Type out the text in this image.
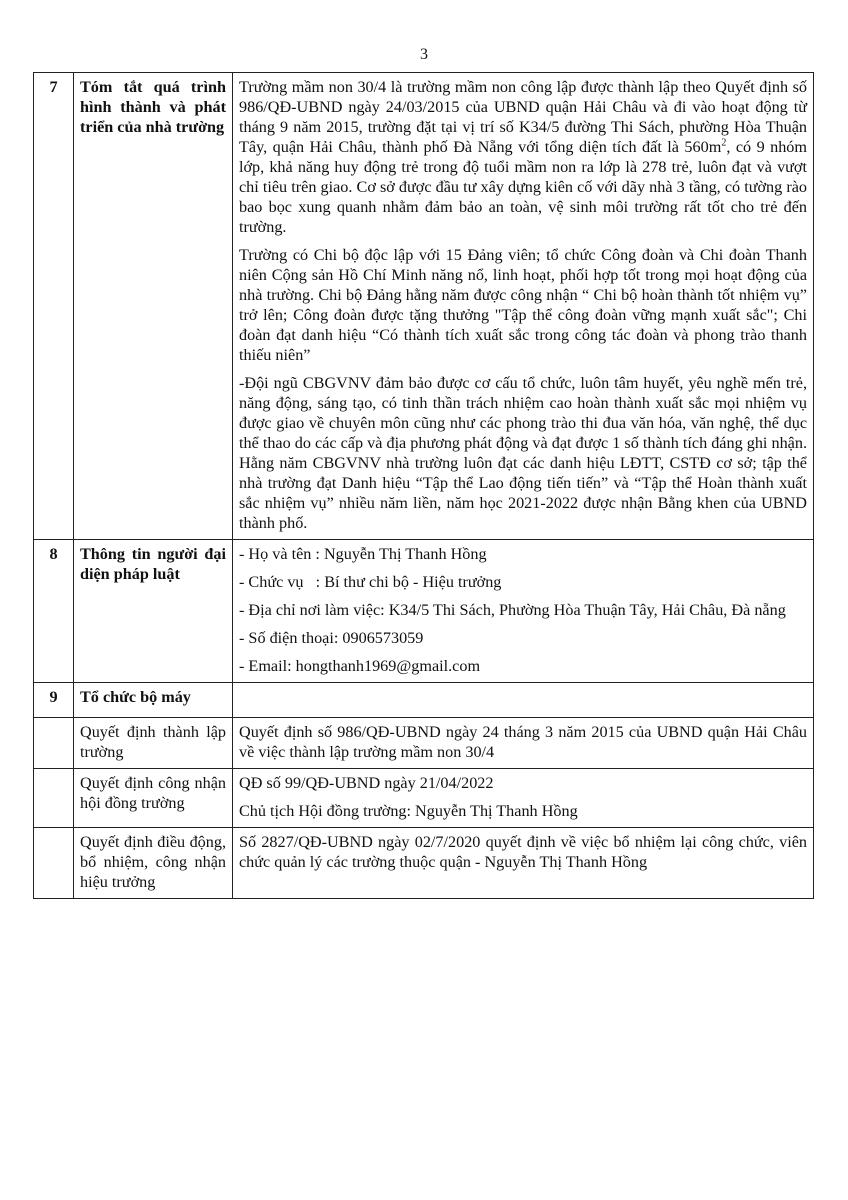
3
7	Tóm tắt quá trình hình thành và phát triển của nhà trường	Trường mầm non 30/4 là trường mầm non công lập được thành lập theo Quyết định số 986/QĐ-UBND ngày 24/03/2015 của UBND quận Hải Châu và đi vào hoạt động từ tháng 9 năm 2015, trường đặt tại vị trí số K34/5 đường Thi Sách, phường Hòa Thuận Tây, quận Hải Châu, thành phố Đà Nẵng với tổng diện tích đất là $560m^2$, có 9 nhóm lớp, khả năng huy động trẻ trong độ tuổi mầm non ra lớp là 278 trẻ, luôn đạt và vượt chỉ tiêu trên giao. Cơ sở được đầu tư xây dựng kiên cố với dãy nhà 3 tầng, có tường rào bao bọc xung quanh nhằm đảm bảo an toàn, vệ sinh môi trường rất tốt cho trẻ đến trường.

Trường có Chi bộ độc lập với 15 Đảng viên; tổ chức Công đoàn và Chi đoàn Thanh niên Cộng sản Hồ Chí Minh năng nổ, linh hoạt, phối hợp tốt trong mọi hoạt động của nhà trường. Chi bộ Đảng hằng năm được công nhận “ Chi bộ hoàn thành tốt nhiệm vụ” trở lên; Công đoàn được tặng thưởng "Tập thể công đoàn vững mạnh xuất sắc"; Chi đoàn đạt danh hiệu “Có thành tích xuất sắc trong công tác đoàn và phong trào thanh thiếu niên”

-Đội ngũ CBGVNV đảm bảo được cơ cấu tổ chức, luôn tâm huyết, yêu nghề mến trẻ, năng động, sáng tạo, có tinh thần trách nhiệm cao hoàn thành xuất sắc mọi nhiệm vụ được giao về chuyên môn cũng như các phong trào thi đua văn hóa, văn nghệ, thể dục thể thao do các cấp và địa phương phát động và đạt được 1 số thành tích đáng ghi nhận. Hằng năm CBGVNV nhà trường luôn đạt các danh hiệu LĐTT, CSTĐ cơ sở; tập thể nhà trường đạt Danh hiệu “Tập thể Lao động tiến tiến” và “Tập thể Hoàn thành xuất sắc nhiệm vụ” nhiều năm liền, năm học 2021-2022 được nhận Bằng khen của UBND thành phố.

8	Thông tin người đại diện pháp luật	- Họ và tên : Nguyễn Thị Thanh Hồng
- Chức vụ   : Bí thư chi bộ - Hiệu trưởng
- Địa chỉ nơi làm việc: K34/5 Thi Sách, Phường Hòa Thuận Tây, Hải Châu, Đà nẵng
- Số điện thoại: 0906573059
- Email: hongthanh1969@gmail.com

9	Tổ chức bộ máy	
	Quyết định thành lập trường	Quyết định số 986/QĐ-UBND ngày 24 tháng 3 năm 2015 của UBND quận Hải Châu về việc thành lập trường mầm non 30/4
	Quyết định công nhận hội đồng trường	QĐ số 99/QĐ-UBND ngày 21/04/2022
Chủ tịch Hội đồng trường: Nguyễn Thị Thanh Hồng

	Quyết định điều động, bổ nhiệm, công nhận hiệu trưởng	Số 2827/QĐ-UBND ngày 02/7/2020 quyết định về việc bổ nhiệm lại công chức, viên chức quản lý các trường thuộc quận - Nguyễn Thị Thanh Hồng
